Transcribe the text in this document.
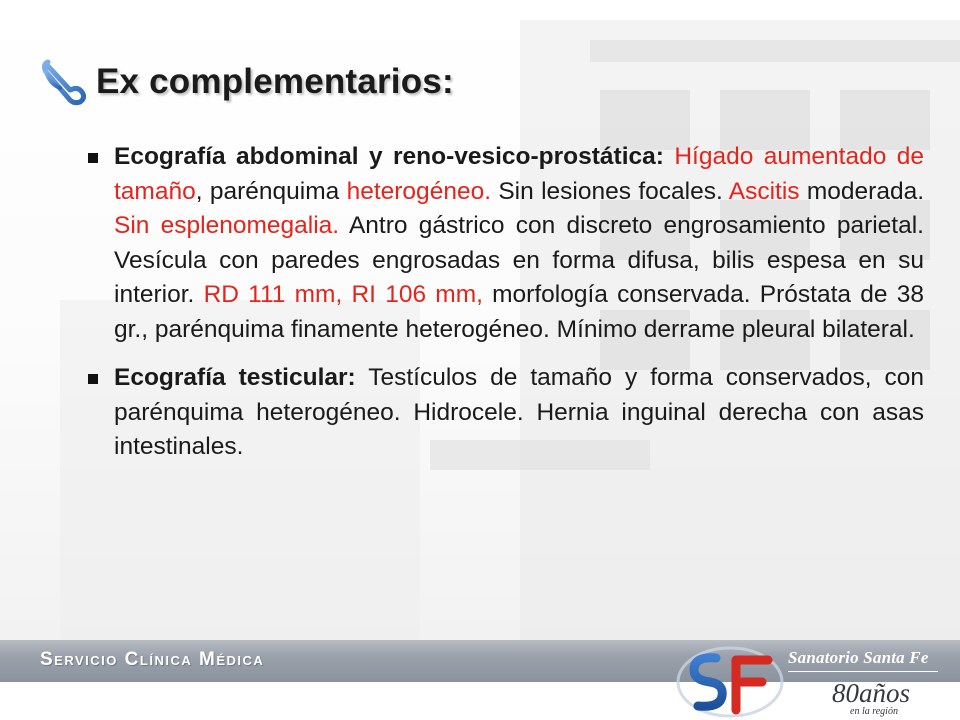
Ex complementarios:
Ecografía abdominal y reno-vesico-prostática: Hígado aumentado de tamaño, parénquima heterogéneo. Sin lesiones focales. Ascitis moderada. Sin esplenomegalia. Antro gástrico con discreto engrosamiento parietal. Vesícula con paredes engrosadas en forma difusa, bilis espesa en su interior. RD 111 mm, RI 106 mm, morfología conservada. Próstata de 38 gr., parénquima finamente heterogéneo. Mínimo derrame pleural bilateral.
Ecografía testicular: Testículos de tamaño y forma conservados, con parénquima heterogéneo. Hidrocele. Hernia inguinal derecha con asas intestinales.
Servicio Clínica Médica	Sanatorio Santa Fe
80años
en la región
